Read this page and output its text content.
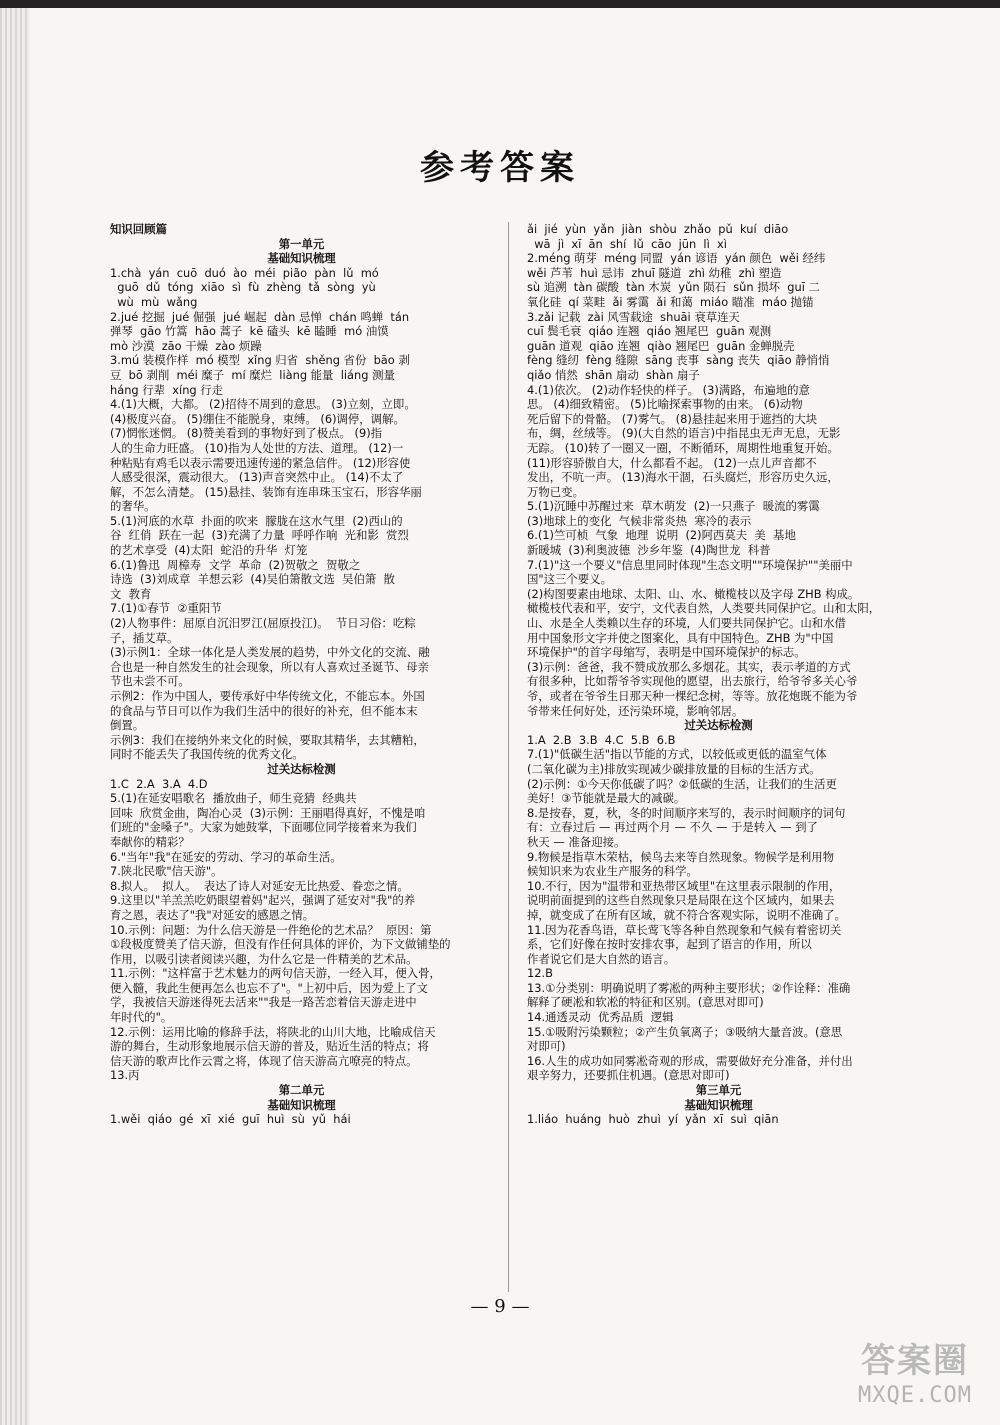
参考答案
知识回顾篇
第一单元
基础知识梳理
1.chà  yán  cuō  duó  ào  méi  pião  pàn  lǔ  mó
guō  dǔ  tóng  xiāo  sì  fù  zhèng  tǎ  sòng  yù
wù  mù  wǎng
2.jué 挖掘  jué 倔强  jué 崛起  dàn 忌惮  chán 鸣蝉  tán
弹琴  gāo 竹篙  hāo 蒿子  kē 磕头  kē 瞌睡  mó 油馍
mò 沙漠  zāo 干燥  zào 烦躁
3.mú 装模作样  mó 模型  xǐng 归省  shěng 省份  bāo 剥
豆  bō 剥削  méi 糜子  mí 糜烂  liàng 能量  liáng 测量
háng 行辈  xíng 行走
4.(1)大概，大都。 (2)招待不周到的意思。 (3)立刻，立即。
(4)极度兴奋。 (5)绷住不能脱身，束缚。 (6)调停，调解。
(7)惘怅迷惘。 (8)赞美看到的事物好到了极点。 (9)指
人的生命力旺盛。 (10)指为人处世的方法、道理。 (12)一
种粘贴有鸡毛以表示需要迅速传递的紧急信件。 (12)形容使
人感受很深，震动很大。 (13)声音突然中止。 (14)不太了
解，不怎么清楚。 (15)悬挂、装饰有连串珠玉宝石，形容华丽
的奢华。
5.(1)河底的水草  扑面的吹来  朦胧在这水气里  (2)西山的
谷  红俏  跃在一起  (3)充满了力量  呼呼作响  光和影  赏烈
的艺术享受  (4)太阳  蛇沿的升华  灯笼
6.(1)鲁迅  周樟寿  文学  革命  (2)贺敬之  贺敬之
诗选  (3)刘成章  羊想云彩  (4)吴伯箫散文选  吴伯箫  散
文  教育
7.(1)①春节  ②重阳节
(2)人物事件：屈原自沉汨罗江(屈原投江)。  节日习俗：吃粽
子，插艾草。
(3)示例1：全球一体化是人类发展的趋势，中外文化的交流、融
合也是一种自然发生的社会现象，所以有人喜欢过圣诞节、母亲
节也未尝不可。
示例2：作为中国人，要传承好中华传统文化，不能忘本。外国
的食品与节日可以作为我们生活中的很好的补充，但不能本末
倒置。
示例3：我们在接纳外来文化的时候，要取其精华，去其糟粕，
同时不能丢失了我国传统的优秀文化。
过关达标检测
1.C  2.A  3.A  4.D
5.(1)在延安唱歌名  播放曲子，师生竞猜  经典共
回味  欣赏金曲，陶冶心灵  (3)示例：王丽唱得真好，不愧是咱
们班的"金嗓子"。大家为她鼓掌，下面哪位同学接着来为我们
奉献你的精彩？
6."当年"我"在延安的劳动、学习的革命生活。
7.陕北民歌"信天游"。
8.拟人。  拟人。  表达了诗人对延安无比热爱、眷恋之情。
9.这里以"羊羔羔吃奶眼望着妈"起兴，强调了延安对"我"的养
育之恩，表达了"我"对延安的感恩之情。
10.示例：问题：为什么信天游是一件绝伦的艺术品？  原因：第
①段极度赞美了信天游，但没有作任何具体的评价，为下文做铺垫的
作用，以吸引读者阅读兴趣，为什么它是一件精美的艺术品。
11.示例："这样富于艺术魅力的两句信天游，一经入耳，便入骨，
便入髓，我此生便再怎么也忘不了"。"上初中后，因为爱上了文
学，我被信天游迷得死去活来""我是一路苦恋着信天游走进中
年时代的"。
12.示例：运用比喻的修辞手法，将陕北的山川大地，比喻成信天
游的舞台，生动形象地展示信天游的普及，贴近生活的特点；将
信天游的歌声比作云霄之将，体现了信天游高亢嘹亮的特点。
13.丙
第二单元
基础知识梳理
1.wěi  qiáo  gé  xī  xié  guī  huì  sù  yǔ  hái
ǎi  jié  yùn  yǎn  jiàn  shòu  zhǎo  pǔ  kuí  diāo
wā  jì  xī  ān  shí  lǔ  cāo  jūn  lì  xì
2.méng 萌芽  méng 同盟  yán 谚语  yán 颜色  wěi 经纬
wěi 芦苇  huì 忌讳  zhuī 隧道  zhì 幼稚  zhì 塑造
sù 追溯  tàn 碳酸  tàn 木炭  yǔn 陨石  sǔn 损坏  guī 二
氧化硅  qí 菜畦  ǎi 雾霭  ǎi 和蔼  miáo 瞄准  máo 抛锚
3.zǎi 记载  zài 风雪载途  shuāi 衰草连天
cuī 鬓毛衰  qiáo 连翘  qiáo 翘尾巴  guān 观测
guān 道观  qiāo 连翘  qiào 翘尾巴  guān 金蝉脱壳
fèng 缝纫  fèng 缝隙  sāng 丧事  sàng 丧失  qiāo 静悄悄
qiǎo 悄然  shān 扇动  shàn 扇子
4.(1)依次。 (2)动作轻快的样子。 (3)满路，布遍地的意
思。 (4)细致精密。 (5)比喻探索事物的由来。 (6)动物
死后留下的骨骼。 (7)雾气。 (8)悬挂起来用于遮挡的大块
布，绸，丝绒等。 (9)(大自然的语言)中指昆虫无声无息，无影
无踪。 (10)转了一圈又一圈，不断循环，周期性地重复开始。
(11)形容骄傲自大，什么都看不起。 (12)一点儿声音都不
发出，不吭一声。 (13)海水干涸，石头腐烂，形容历史久远，
万物已变。
5.(1)沉睡中苏醒过来  草木萌发  (2)一只燕子  暖流的雾霭
(3)地球上的变化  气候非常炎热  寒冷的表示
6.(1)竺可桢  气象  地理  说明  (2)阿西莫夫  美  基地
新暖城  (3)利奥波德  沙乡年鉴  (4)陶世龙  科普
7.(1)"这一个要义"信息里同时体现"生态文明""环境保护""美丽中
国"这三个要义。
(2)构图要素由地球、太阳、山、水、橄榄枝以及字母 ZHB 构成。
橄榄枝代表和平，安宁，文代表自然，人类要共同保护它。山和太阳，
山、水是全人类赖以生存的环境，人们要共同保护它。山和水借
用中国象形文字并使之图案化，具有中国特色。ZHB 为"中国
环境保护"的首字母缩写，表明是中国环境保护的标志。
(3)示例：爸爸，我不赞成放那么多烟花。其实，表示孝道的方式
有很多种，比如帮爷爷实现他的愿望，出去旅行，给爷爷多关心爷
爷，或者在爷爷生日那天种一棵纪念树，等等。放花炮既不能为爷
爷带来任何好处，还污染环境，影响邻居。
过关达标检测
1.A  2.B  3.B  4.C  5.B  6.B
7.(1)"低碳生活"指以节能的方式，以较低或更低的温室气体
(二氧化碳为主)排放实现减少碳排放量的目标的生活方式。
(2)示例：①今天你低碳了吗？②低碳的生活，让我们的生活更
美好！③节能就是最大的减碳。
8.是按春，夏，秋，冬的时间顺序来写的，表示时间顺序的词句
有：立春过后 — 再过两个月 — 不久 — 于是转入 — 到了
秋天 — 准备迎接。
9.物候是指草木荣枯，候鸟去来等自然现象。物候学是利用物
候知识来为农业生产服务的科学。
10.不行，因为"温带和亚热带区域里"在这里表示限制的作用，
说明前面提到的这些自然现象只是局限在这个区域内，如果去
掉，就变成了在所有区域，就不符合客观实际，说明不准确了。
11.因为花香鸟语，草长莺飞等各种自然现象和气候有着密切关
系，它们好像在按时安排农事，起到了语言的作用，所以
作者说它们是大自然的语言。
12.B
13.①分类别：明确说明了雾凇的两种主要形状；②作诠释：准确
解释了硬凇和软凇的特征和区别。(意思对即可)
14.通透灵动  优秀品质  逻辑
15.①吸附污染颗粒；②产生负氧离子；③吸纳大量音波。(意思
对即可)
16.人生的成功如同雾凇奇观的形成，需要做好充分准备，并付出
艰辛努力，还要抓住机遇。(意思对即可)
第三单元
基础知识梳理
1.liáo  huáng  huò  zhuì  yí  yǎn  xī  suì  qiān
— 9 —
答案圈
MXQE.COM
